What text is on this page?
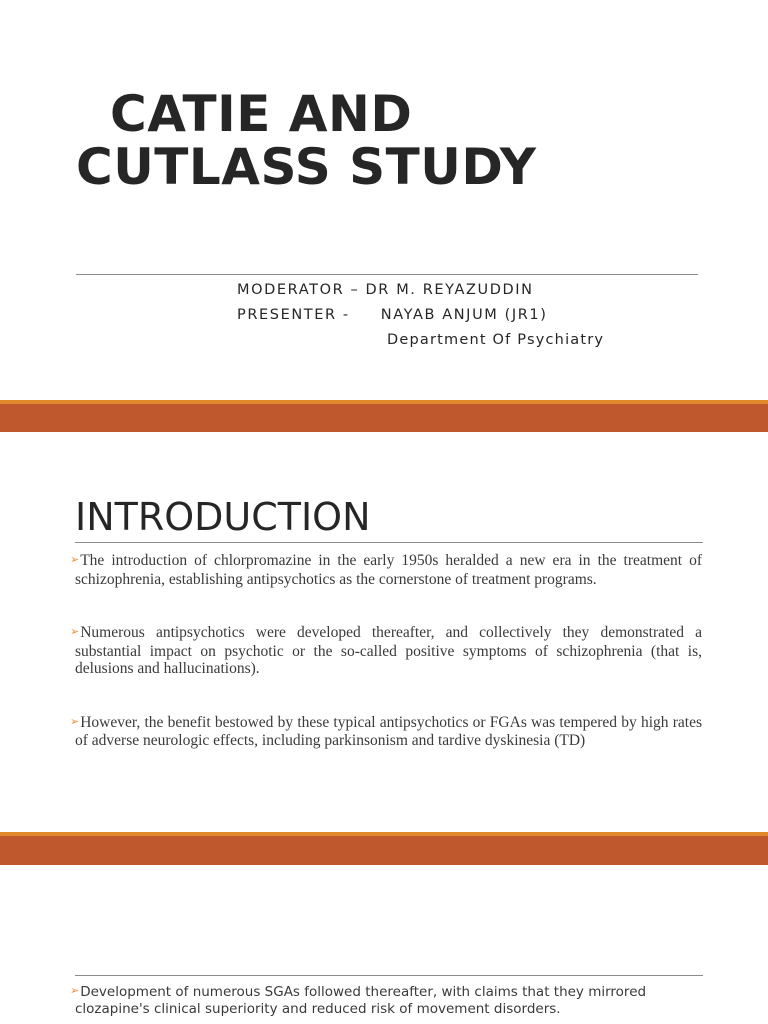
CATIE AND
CUTLASS STUDY
MODERATOR – DR M. REYAZUDDIN
PRESENTER -     NAYAB ANJUM (JR1)
Department Of Psychiatry
INTRODUCTION
➢The introduction of chlorpromazine in the early 1950s heralded a new era in the treatment of schizophrenia, establishing antipsychotics as the cornerstone of treatment programs.
➢Numerous antipsychotics were developed thereafter, and collectively they demonstrated a substantial impact on psychotic or the so-called positive symptoms of schizophrenia (that is, delusions and hallucinations).
➢However, the benefit bestowed by these typical antipsychotics or FGAs was tempered by high rates of adverse neurologic effects, including parkinsonism and tardive dyskinesia (TD)

➢Development of numerous SGAs followed thereafter, with claims that they mirrored clozapine's clinical superiority and reduced risk of movement disorders.
